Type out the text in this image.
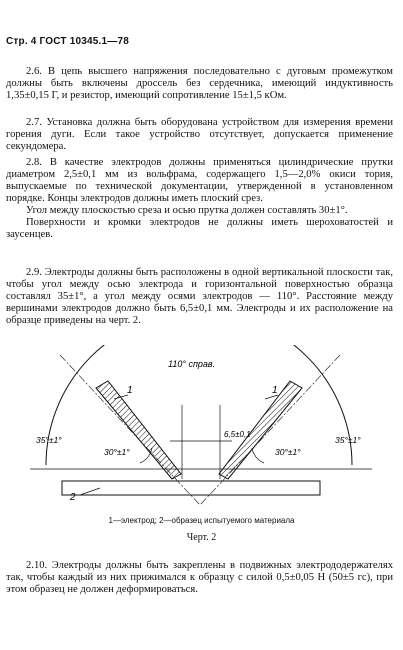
Стр. 4 ГОСТ 10345.1—78

2.6. В цепь высшего напряжения последовательно с дуговым промежутком должны быть включены дроссель без сердечника, имеющий индуктивность 1,35±0,15 Г, и резистор, имеющий сопротивление 15±1,5 кОм.

2.7. Установка должна быть оборудована устройством для измерения времени горения дуги. Если такое устройство отсутствует, допускается применение секундомера.

2.8. В качестве электродов должны применяться цилиндрические прутки диаметром 2,5±0,1 мм из вольфрама, содержащего 1,5—2,0% окиси тория, выпускаемые по технической документации, утвержденной в установленном порядке. Концы электродов должны иметь плоский срез.

Угол между плоскостью среза и осью прутка должен составлять 30±1°.

Поверхности и кромки электродов не должны иметь шероховатостей и заусенцев.

2.9. Электроды должны быть расположены в одной вертикальной плоскости так, чтобы угол между осью электрода и горизонтальной поверхностью образца составлял 35±1°, а угол между осями электродов — 110°. Расстояние между вершинами электродов должно быть 6,5±0,1 мм. Электроды и их расположение на образце приведены на черт. 2.

110° справ.
6,5±0,1
1	1
2
35°±1°	35°±1°
30°±1°	30°±1°
1—электрод; 2—образец испытуемого материала
Черт. 2

2.10. Электроды должны быть закреплены в подвижных электрододержателях так, чтобы каждый из них прижимался к образцу с силой 0,5±0,05 Н (50±5 гс), при этом образец не должен деформироваться.
